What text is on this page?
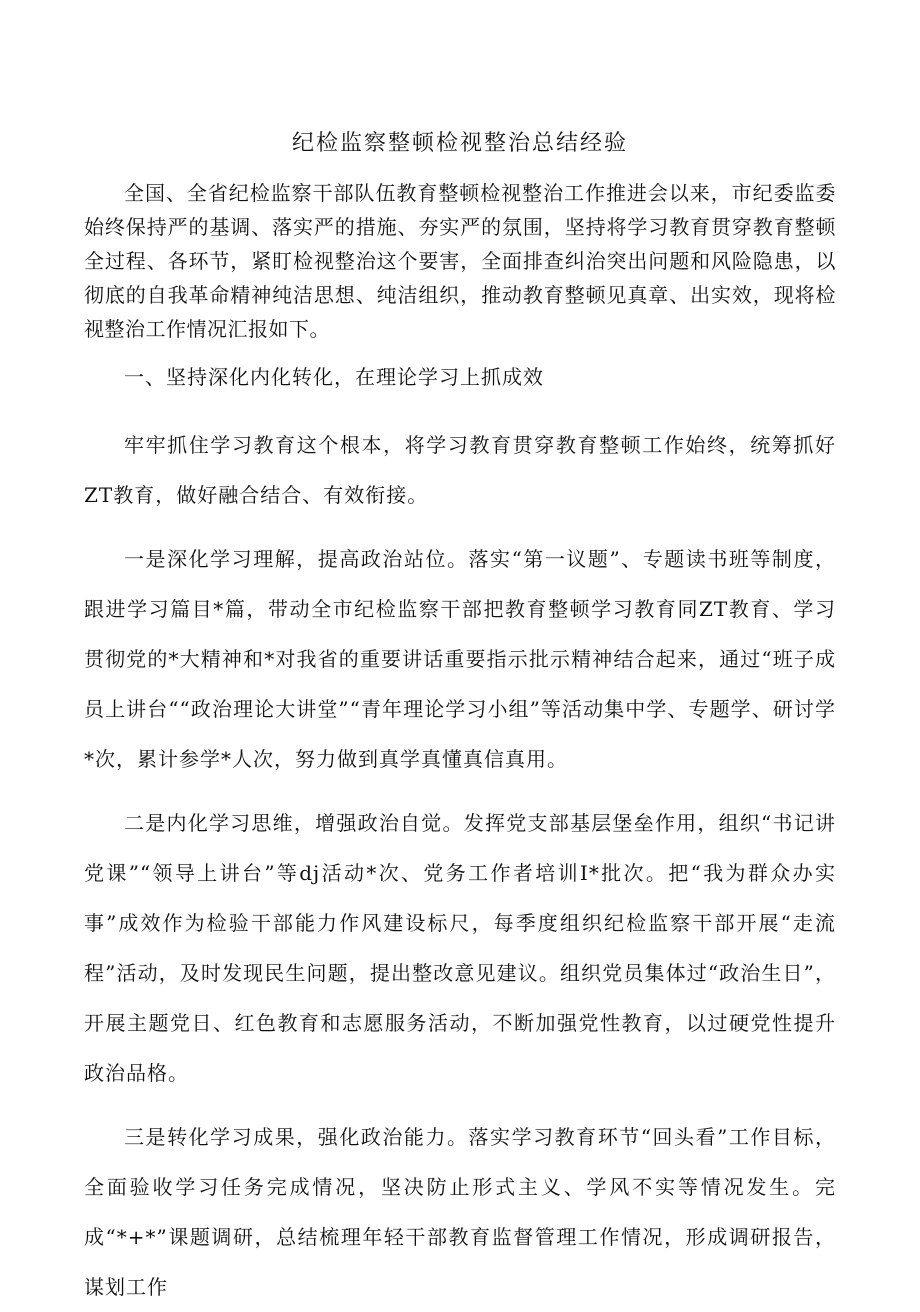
纪检监察整顿检视整治总结经验

全国、全省纪检监察干部队伍教育整顿检视整治工作推进会以来，市纪委监委始终保持严的基调、落实严的措施、夯实严的氛围，坚持将学习教育贯穿教育整顿全过程、各环节，紧盯检视整治这个要害，全面排查纠治突出问题和风险隐患，以彻底的自我革命精神纯洁思想、纯洁组织，推动教育整顿见真章、出实效，现将检视整治工作情况汇报如下。

一、坚持深化内化转化，在理论学习上抓成效

牢牢抓住学习教育这个根本，将学习教育贯穿教育整顿工作始终，统筹抓好ZT教育，做好融合结合、有效衔接。

一是深化学习理解，提高政治站位。落实“第一议题”、专题读书班等制度，跟进学习篇目*篇，带动全市纪检监察干部把教育整顿学习教育同ZT教育、学习贯彻党的*大精神和*对我省的重要讲话重要指示批示精神结合起来，通过“班子成员上讲台““政治理论大讲堂”“青年理论学习小组”等活动集中学、专题学、研讨学*次，累计参学*人次，努力做到真学真懂真信真用。

二是内化学习思维，增强政治自觉。发挥党支部基层堡垒作用，组织“书记讲党课”“领导上讲台”等dj活动*次、党务工作者培训I*批次。把“我为群众办实事”成效作为检验干部能力作风建设标尺，每季度组织纪检监察干部开展“走流程”活动，及时发现民生问题，提出整改意见建议。组织党员集体过“政治生日”，开展主题党日、红色教育和志愿服务活动，不断加强党性教育，以过硬党性提升政治品格。

三是转化学习成果，强化政治能力。落实学习教育环节“回头看”工作目标，全面验收学习任务完成情况，坚决防止形式主义、学风不实等情况发生。完成“*+*”课题调研，总结梳理年轻干部教育监督管理工作情况，形成调研报告，谋划工作
